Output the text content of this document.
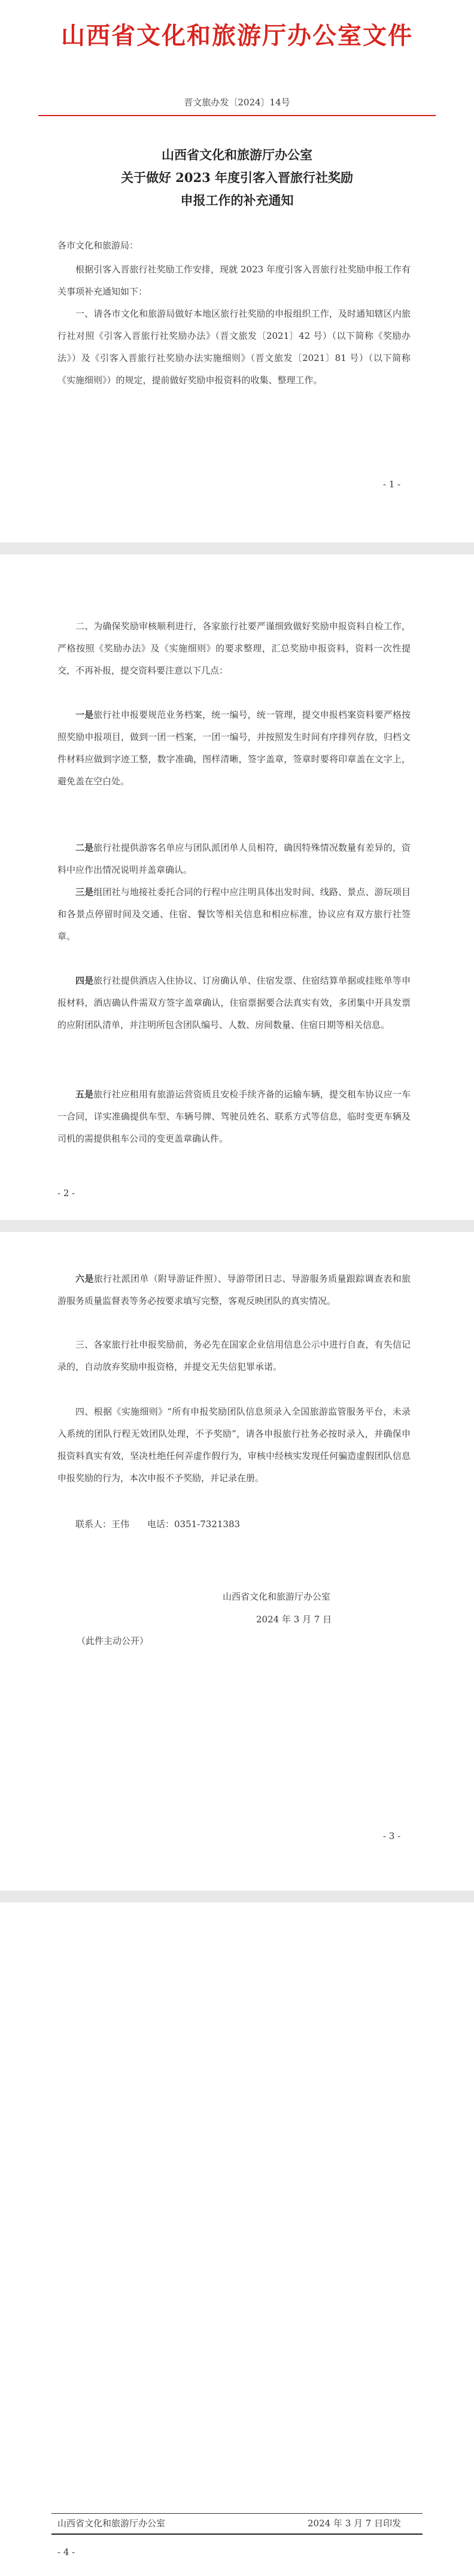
山西省文化和旅游厅办公室文件
晋文旅办发〔2024〕14号
山西省文化和旅游厅办公室
关于做好 2023 年度引客入晋旅行社奖励
申报工作的补充通知
各市文化和旅游局：
根据引客入晋旅行社奖励工作安排，现就 2023 年度引客入晋旅行社奖励申报工作有关事项补充通知如下：
一、请各市文化和旅游局做好本地区旅行社奖励的申报组织工作，及时通知辖区内旅行社对照《引客入晋旅行社奖励办法》（晋文旅发〔2021〕42 号）（以下简称《奖励办法》）及《引客入晋旅行社奖励办法实施细则》（晋文旅发〔2021〕81 号）（以下简称《实施细则》）的规定，提前做好奖励申报资料的收集、整理工作。
- 1 -
二、为确保奖励审核顺利进行，各家旅行社要严谨细致做好奖励申报资料自检工作，严格按照《奖励办法》及《实施细则》的要求整理，汇总奖励申报资料，资料一次性提交，不再补报，提交资料要注意以下几点：
一是旅行社申报要规范业务档案，统一编号，统一管理，提交申报档案资料要严格按照奖励申报项目，做到一团一档案，一团一编号，并按照发生时间有序排列存放，归档文件材料应做到字迹工整，数字准确，图样清晰，签字盖章，签章时要将印章盖在文字上，避免盖在空白处。
二是旅行社提供游客名单应与团队派团单人员相符，确因特殊情况数量有差异的，资料中应作出情况说明并盖章确认。
三是组团社与地接社委托合同的行程中应注明具体出发时间、线路、景点、游玩项目和各景点停留时间及交通、住宿、餐饮等相关信息和相应标准，协议应有双方旅行社签章。
四是旅行社提供酒店入住协议、订房确认单、住宿发票、住宿结算单据或挂账单等申报材料，酒店确认件需双方签字盖章确认，住宿票据要合法真实有效，多团集中开具发票的应附团队清单，并注明所包含团队编号、人数、房间数量、住宿日期等相关信息。
五是旅行社应租用有旅游运营资质且安检手续齐备的运输车辆，提交租车协议应一车一合同，详实准确提供车型、车辆号牌、驾驶员姓名、联系方式等信息，临时变更车辆及司机的需提供租车公司的变更盖章确认件。
- 2 -
六是旅行社派团单（附导游证件照）、导游带团日志、导游服务质量跟踪调查表和旅游服务质量监督表等务必按要求填写完整，客观反映团队的真实情况。
三、各家旅行社申报奖励前，务必先在国家企业信用信息公示中进行自查，有失信记录的，自动放弃奖励申报资格，并提交无失信犯罪承诺。
四、根据《实施细则》“所有申报奖励团队信息须录入全国旅游监管服务平台，未录入系统的团队行程无效团队处理，不予奖励”，请各申报旅行社务必按时录入，并确保申报资料真实有效，坚决杜绝任何弄虚作假行为，审核中经核实发现任何骗造虚假团队信息申报奖励的行为，本次申报不予奖励，并记录在册。
联系人：王伟　　电话：0351-7321383
山西省文化和旅游厅办公室
2024 年 3 月 7 日
（此件主动公开）
- 3 -
山西省文化和旅游厅办公室	2024 年 3 月 7 日印发
- 4 -
